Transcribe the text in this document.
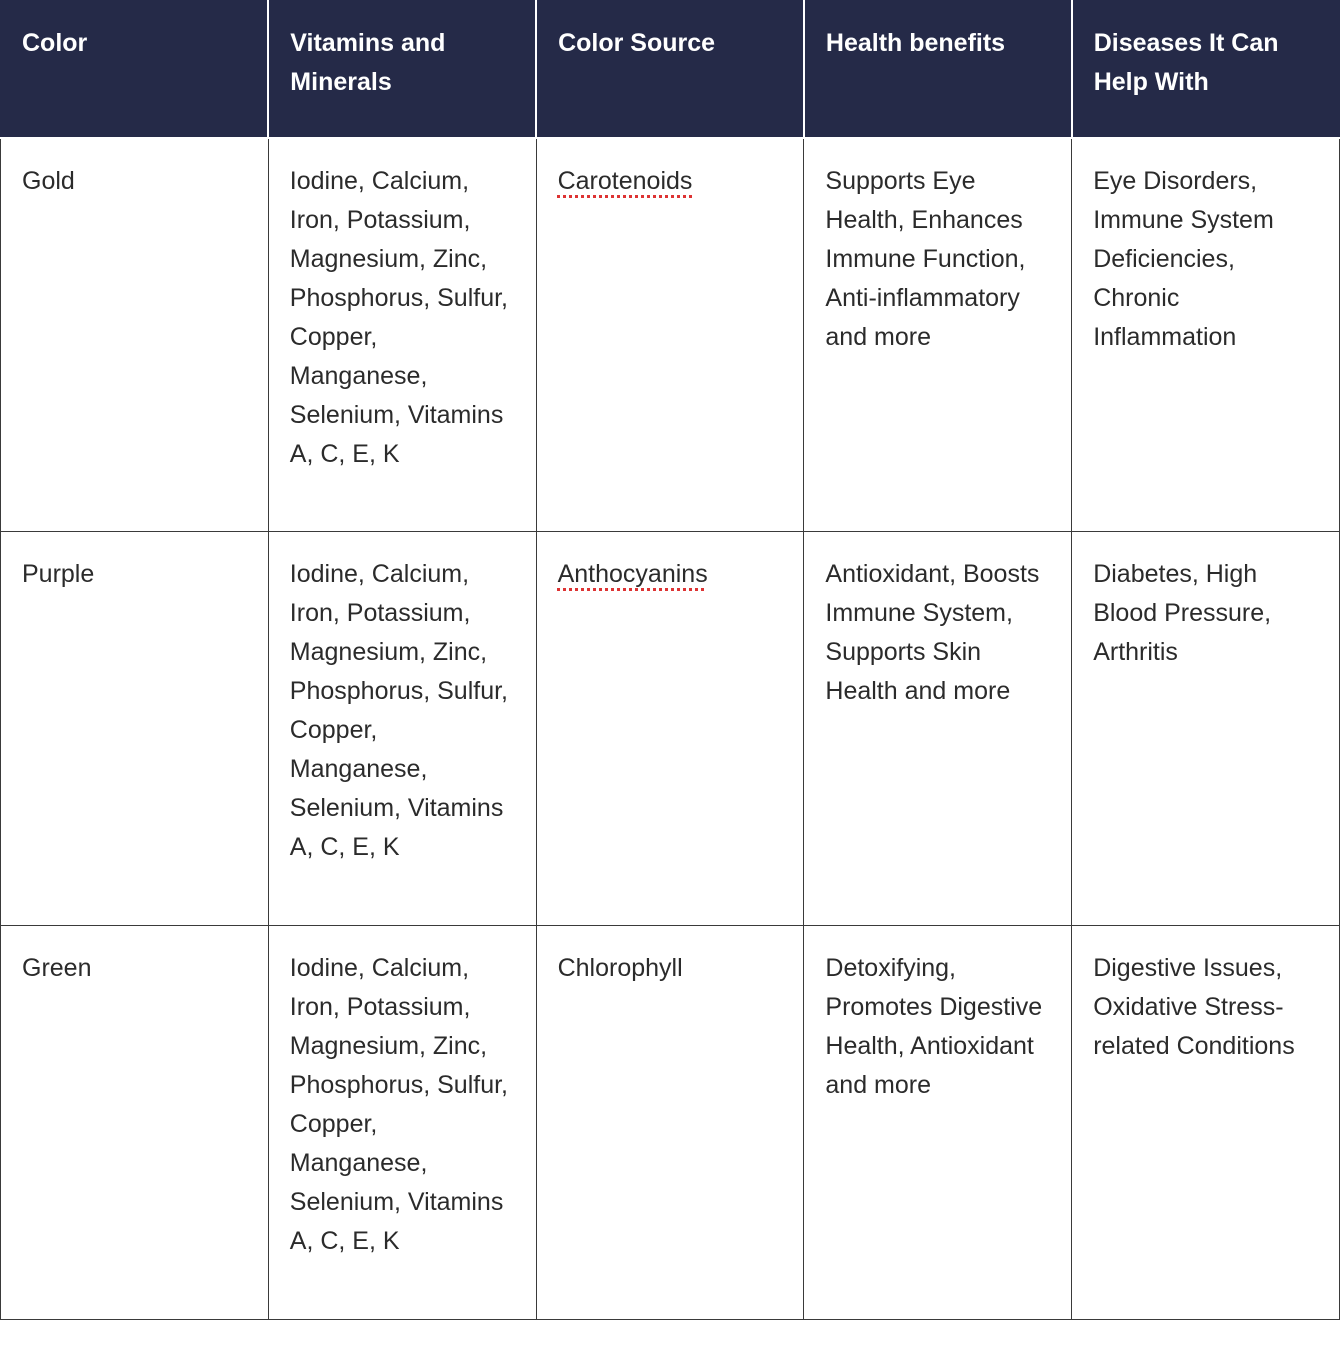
Color	Vitamins and Minerals	Color Source	Health benefits	Diseases It Can Help With
Gold	Iodine, Calcium, Iron, Potassium, Magnesium, Zinc, Phosphorus, Sulfur, Copper, Manganese, Selenium, Vitamins A, C, E, K	Carotenoids	Supports Eye Health, Enhances Immune Function, Anti-inflammatory and more	Eye Disorders, Immune System Deficiencies, Chronic Inflammation
Purple	Iodine, Calcium, Iron, Potassium, Magnesium, Zinc, Phosphorus, Sulfur, Copper, Manganese, Selenium, Vitamins A, C, E, K	Anthocyanins	Antioxidant, Boosts Immune System, Supports Skin Health and more	Diabetes, High Blood Pressure, Arthritis
Green	Iodine, Calcium, Iron, Potassium, Magnesium, Zinc, Phosphorus, Sulfur, Copper, Manganese, Selenium, Vitamins A, C, E, K	Chlorophyll	Detoxifying, Promotes Digestive Health, Antioxidant and more	Digestive Issues, Oxidative Stress-related Conditions
